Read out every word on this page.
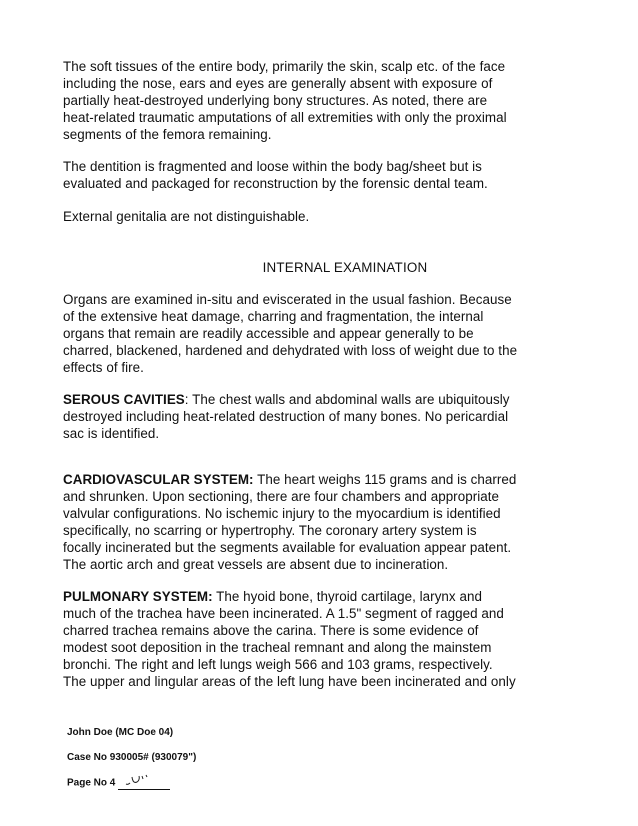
The soft tissues of the entire body, primarily the skin, scalp etc. of the face
including the nose, ears and eyes are generally absent with exposure of
partially heat-destroyed underlying bony structures. As noted, there are
heat-related traumatic amputations of all extremities with only the proximal
segments of the femora remaining.

The dentition is fragmented and loose within the body bag/sheet but is
evaluated and packaged for reconstruction by the forensic dental team.

External genitalia are not distinguishable.

INTERNAL EXAMINATION

Organs are examined in-situ and eviscerated in the usual fashion. Because
of the extensive heat damage, charring and fragmentation, the internal
organs that remain are readily accessible and appear generally to be
charred, blackened, hardened and dehydrated with loss of weight due to the
effects of fire.

SEROUS CAVITIES: The chest walls and abdominal walls are ubiquitously
destroyed including heat-related destruction of many bones. No pericardial
sac is identified.

CARDIOVASCULAR SYSTEM: The heart weighs 115 grams and is charred
and shrunken. Upon sectioning, there are four chambers and appropriate
valvular configurations. No ischemic injury to the myocardium is identified
specifically, no scarring or hypertrophy. The coronary artery system is
focally incinerated but the segments available for evaluation appear patent.
The aortic arch and great vessels are absent due to incineration.

PULMONARY SYSTEM: The hyoid bone, thyroid cartilage, larynx and
much of the trachea have been incinerated. A 1.5" segment of ragged and
charred trachea remains above the carina. There is some evidence of
modest soot deposition in the tracheal remnant and along the mainstem
bronchi. The right and left lungs weigh 566 and 103 grams, respectively.
The upper and lingular areas of the left lung have been incinerated and only

John Doe (MC Doe 04)

Case No 930005# (930079")

Page No 4
